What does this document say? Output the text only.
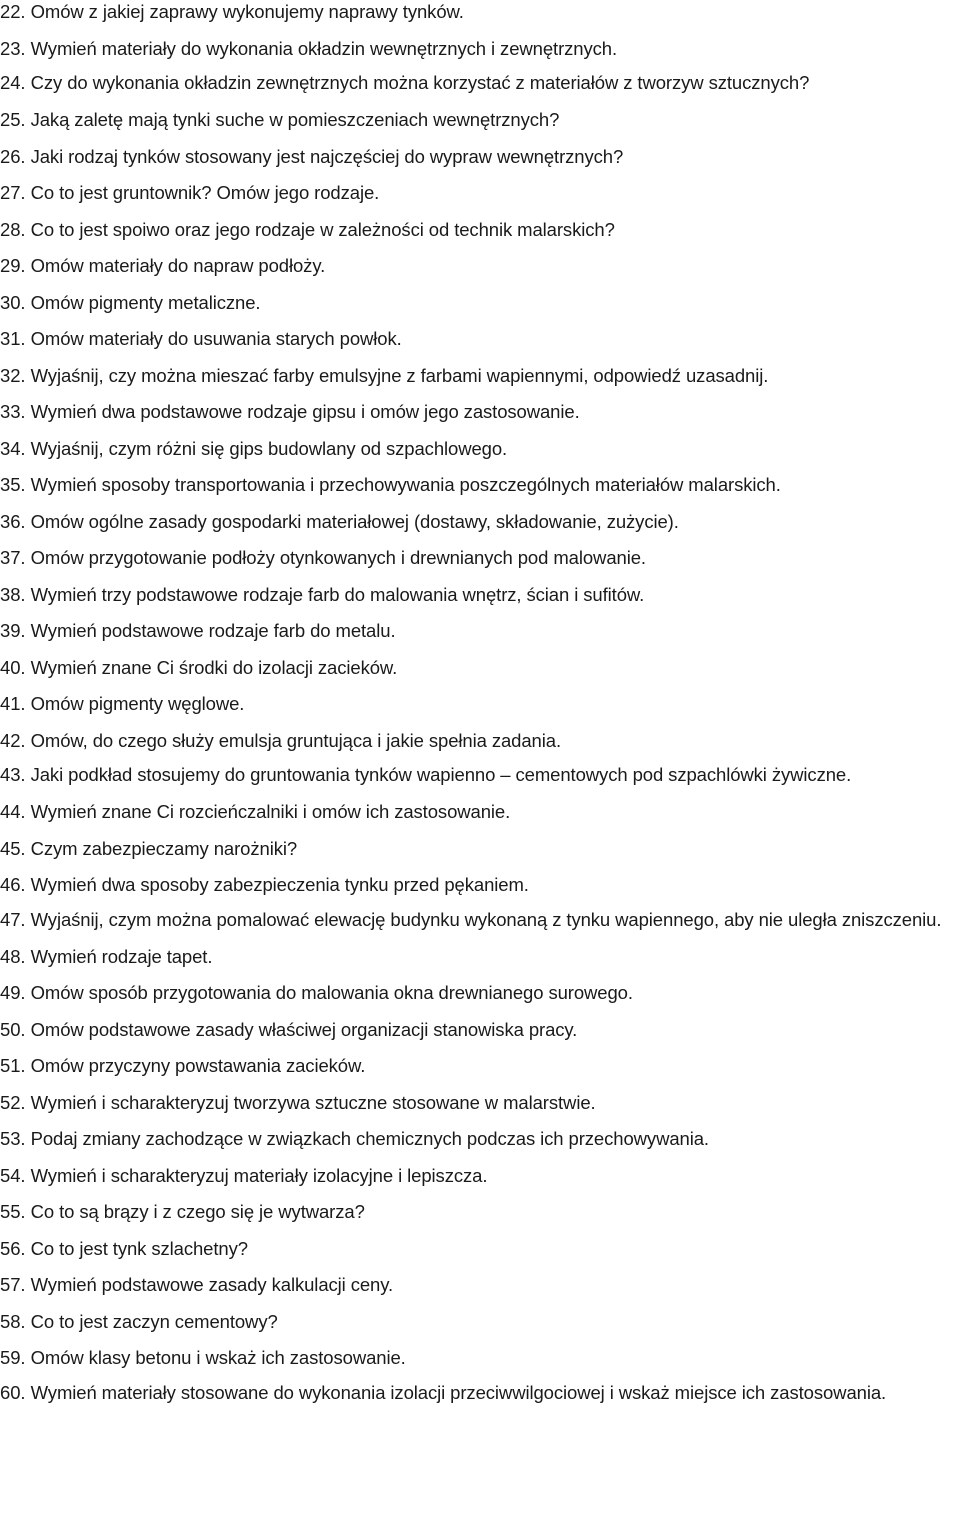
22. Omów z jakiej zaprawy wykonujemy naprawy tynków.
23. Wymień materiały do wykonania okładzin wewnętrznych i zewnętrznych.
24. Czy do wykonania okładzin zewnętrznych można korzystać z materiałów z tworzyw sztucznych?
25. Jaką zaletę mają tynki suche w pomieszczeniach wewnętrznych?
26. Jaki rodzaj tynków stosowany jest najczęściej do wypraw wewnętrznych?
27. Co to jest gruntownik? Omów jego rodzaje.
28. Co to jest spoiwo oraz jego rodzaje w zależności od technik malarskich?
29. Omów materiały do napraw podłoży.
30. Omów pigmenty metaliczne.
31. Omów materiały do usuwania starych powłok.
32. Wyjaśnij, czy można mieszać farby emulsyjne z farbami wapiennymi, odpowiedź uzasadnij.
33. Wymień dwa podstawowe rodzaje gipsu i omów jego zastosowanie.
34. Wyjaśnij, czym różni się gips budowlany od szpachlowego.
35. Wymień sposoby transportowania i przechowywania poszczególnych materiałów malarskich.
36. Omów ogólne zasady gospodarki materiałowej (dostawy, składowanie, zużycie).
37. Omów przygotowanie podłoży otynkowanych i drewnianych pod malowanie.
38. Wymień trzy podstawowe rodzaje farb do malowania wnętrz, ścian i sufitów.
39. Wymień podstawowe rodzaje farb do metalu.
40. Wymień znane Ci środki do izolacji zacieków.
41. Omów pigmenty węglowe.
42. Omów, do czego służy emulsja gruntująca i jakie spełnia zadania.
43. Jaki podkład stosujemy do gruntowania tynków wapienno – cementowych pod szpachlówki żywiczne.
44. Wymień znane Ci rozcieńczalniki i omów ich zastosowanie.
45. Czym zabezpieczamy narożniki?
46. Wymień dwa sposoby zabezpieczenia tynku przed pękaniem.
47. Wyjaśnij, czym można pomalować elewację budynku wykonaną z tynku wapiennego, aby nie uległa zniszczeniu.
48. Wymień rodzaje tapet.
49. Omów sposób przygotowania do malowania okna drewnianego surowego.
50. Omów podstawowe zasady właściwej organizacji stanowiska pracy.
51. Omów przyczyny powstawania zacieków.
52. Wymień i scharakteryzuj tworzywa sztuczne stosowane w malarstwie.
53. Podaj zmiany zachodzące w związkach chemicznych podczas ich przechowywania.
54. Wymień i scharakteryzuj materiały izolacyjne i lepiszcza.
55. Co to są brązy i z czego się je wytwarza?
56. Co to jest tynk szlachetny?
57. Wymień podstawowe zasady kalkulacji ceny.
58. Co to jest zaczyn cementowy?
59. Omów klasy betonu i wskaż ich zastosowanie.
60. Wymień materiały stosowane do wykonania izolacji przeciwwilgociowej i wskaż miejsce ich zastosowania.
